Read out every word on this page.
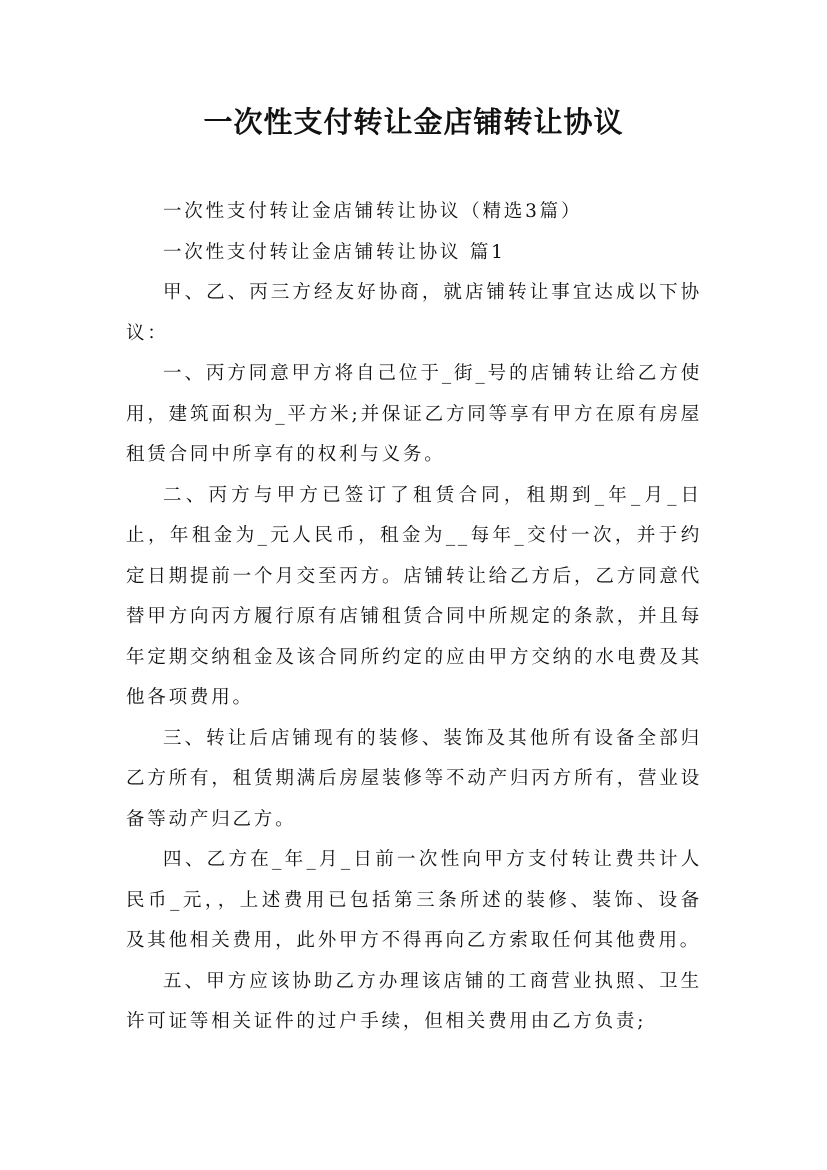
一次性支付转让金店铺转让协议

一次性支付转让金店铺转让协议（精选3篇）

一次性支付转让金店铺转让协议 篇1

甲、乙、丙三方经友好协商，就店铺转让事宜达成以下协议：

一、丙方同意甲方将自己位于_街_号的店铺转让给乙方使用，建筑面积为_平方米;并保证乙方同等享有甲方在原有房屋租赁合同中所享有的权利与义务。

二、丙方与甲方已签订了租赁合同，租期到_年_月_日止，年租金为_元人民币，租金为__每年_交付一次，并于约定日期提前一个月交至丙方。店铺转让给乙方后，乙方同意代替甲方向丙方履行原有店铺租赁合同中所规定的条款，并且每年定期交纳租金及该合同所约定的应由甲方交纳的水电费及其他各项费用。

三、转让后店铺现有的装修、装饰及其他所有设备全部归乙方所有，租赁期满后房屋装修等不动产归丙方所有，营业设备等动产归乙方。

四、乙方在_年_月_日前一次性向甲方支付转让费共计人民币_元，，上述费用已包括第三条所述的装修、装饰、设备及其他相关费用，此外甲方不得再向乙方索取任何其他费用。

五、甲方应该协助乙方办理该店铺的工商营业执照、卫生许可证等相关证件的过户手续，但相关费用由乙方负责;
